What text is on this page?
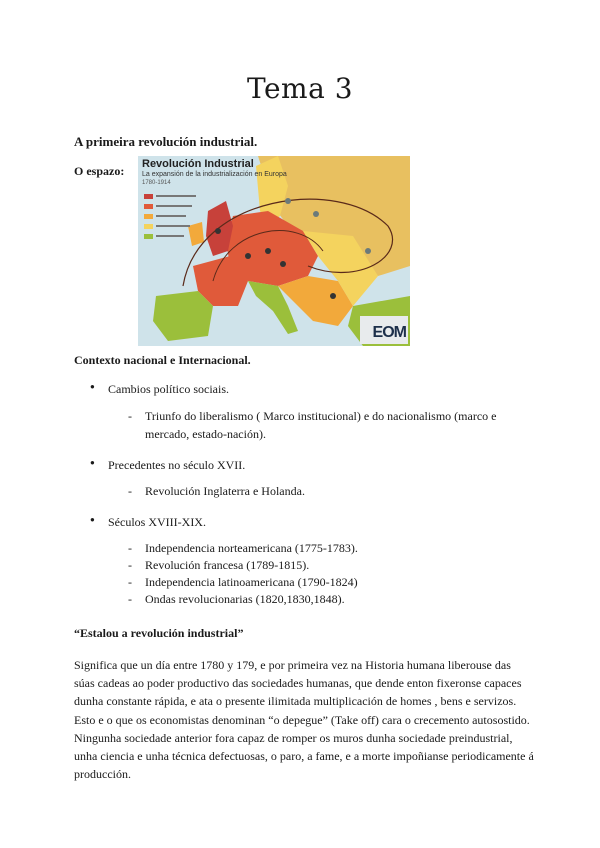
Tema 3
A primeira revolución industrial.
O espazo: Revolución Industrial
La expansión de la industrialización en Europa
1780-1914
EOM
Contexto nacional e Internacional.
Cambios político sociais.
- Triunfo do liberalismo ( Marco institucional) e do nacionalismo (marco e mercado, estado-nación).
Precedentes no século XVII.
- Revolución Inglaterra e Holanda.
Séculos XVIII-XIX.
- Independencia norteamericana (1775-1783).
- Revolución francesa (1789-1815).
- Independencia latinoamericana (1790-1824)
- Ondas revolucionarias (1820,1830,1848).
“Estalou a revolución industrial”
Significa que un día entre 1780 y 179, e por primeira vez na Historia humana liberouse das súas cadeas ao poder productivo das sociedades humanas, que dende enton fixeronse capaces dunha constante rápida, e ata o presente ilimitada multiplicación de homes , bens e servizos. Esto e o que os economistas denominan “o depegue” (Take off) cara o crecemento autosostido. Ningunha sociedade anterior fora capaz de romper os muros dunha sociedade preindustrial, unha ciencia e unha técnica defectuosas, o paro, a fame, e a morte impoñianse periodicamente á producción.
